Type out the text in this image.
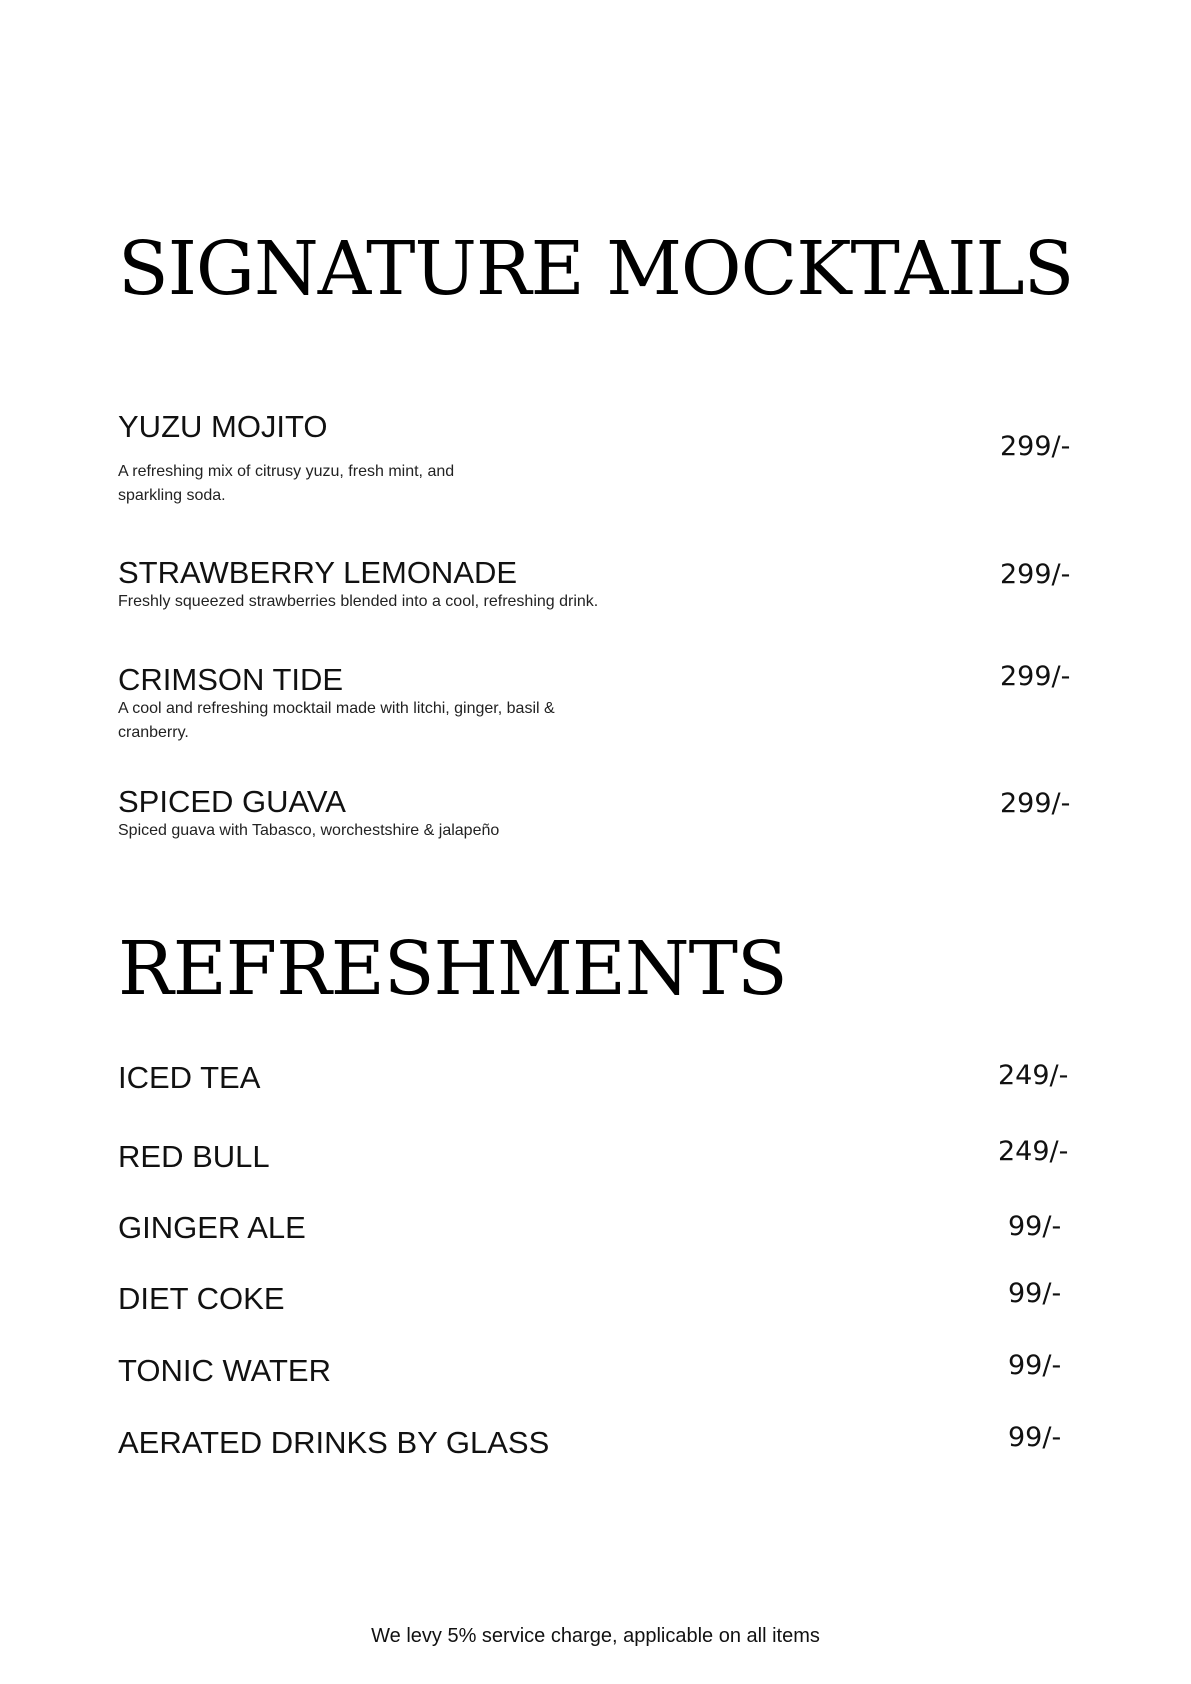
SIGNATURE MOCKTAILS
YUZU MOJITO
A refreshing mix of citrusy yuzu, fresh mint, and sparkling soda.
299/-
STRAWBERRY LEMONADE
Freshly squeezed strawberries blended into a cool, refreshing drink.
299/-
CRIMSON TIDE
A cool and refreshing mocktail made with litchi, ginger, basil & cranberry.
299/-
SPICED GUAVA
Spiced guava with Tabasco, worchestshire & jalapeño
299/-
REFRESHMENTS
ICED TEA	249/-
RED BULL	249/-
GINGER ALE	99/-
DIET COKE	99/-
TONIC WATER	99/-
AERATED DRINKS BY GLASS	99/-
We levy 5% service charge, applicable on all items
